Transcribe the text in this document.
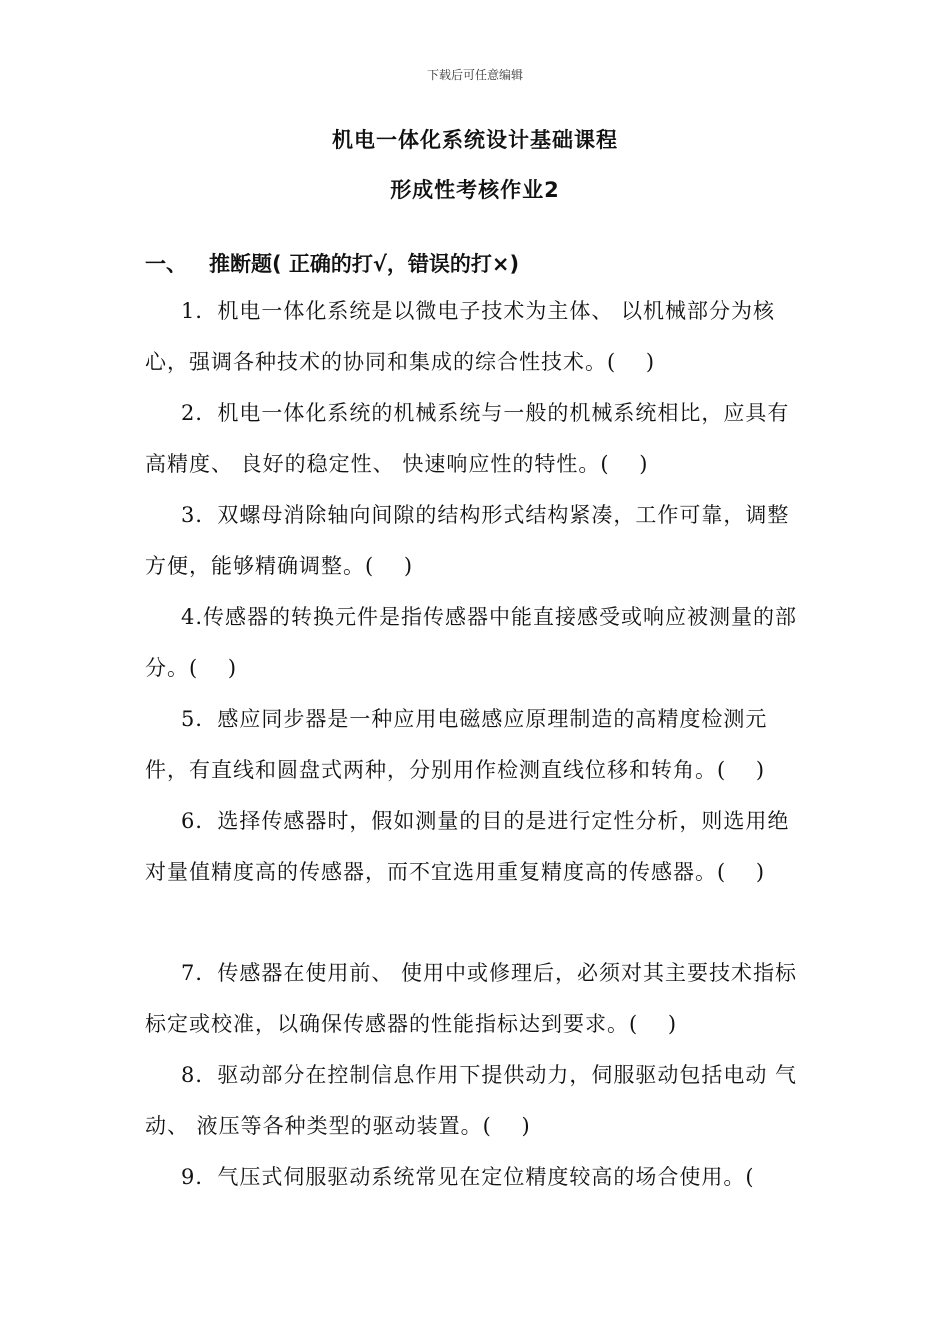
下载后可任意编辑
机电一体化系统设计基础课程
形成性考核作业2
一、 推断题( 正确的打√，错误的打×)
1．机电一体化系统是以微电子技术为主体、 以机械部分为核心，强调各种技术的协同和集成的综合性技术。(　 )
2．机电一体化系统的机械系统与一般的机械系统相比，应具有高精度、 良好的稳定性、 快速响应性的特性。(　 )
3．双螺母消除轴向间隙的结构形式结构紧凑，工作可靠，调整方便，能够精确调整。(　 )
4.传感器的转换元件是指传感器中能直接感受或响应被测量的部分。(　 )
5．感应同步器是一种应用电磁感应原理制造的高精度检测元件，有直线和圆盘式两种，分别用作检测直线位移和转角。(　 )
6．选择传感器时，假如测量的目的是进行定性分析，则选用绝对量值精度高的传感器，而不宜选用重复精度高的传感器。(　 )
7．传感器在使用前、 使用中或修理后，必须对其主要技术指标标定或校准，以确保传感器的性能指标达到要求。(　 )
8．驱动部分在控制信息作用下提供动力，伺服驱动包括电动 气动、 液压等各种类型的驱动装置。(　 )
9．气压式伺服驱动系统常见在定位精度较高的场合使用。(
